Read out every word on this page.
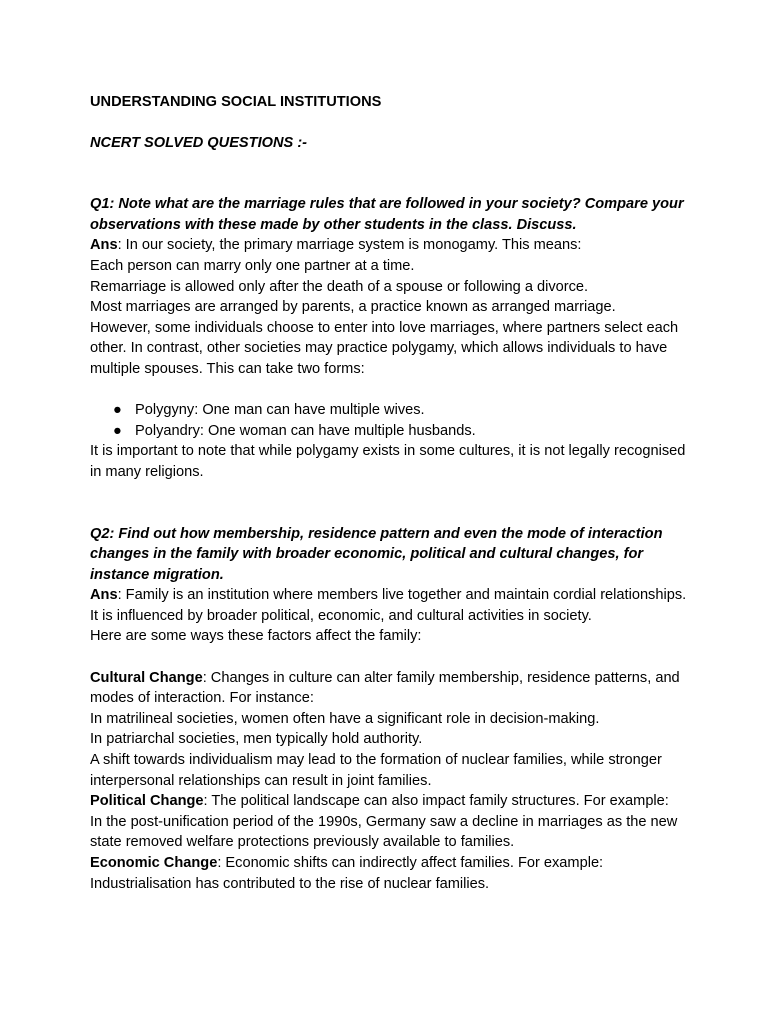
UNDERSTANDING SOCIAL INSTITUTIONS

NCERT SOLVED QUESTIONS :-

Q1: Note what are the marriage rules that are followed in your society? Compare your observations with these made by other students in the class. Discuss.

Ans: In our society, the primary marriage system is monogamy. This means:

Each person can marry only one partner at a time.

Remarriage is allowed only after the death of a spouse or following a divorce.

Most marriages are arranged by parents, a practice known as arranged marriage.

However, some individuals choose to enter into love marriages, where partners select each other. In contrast, other societies may practice polygamy, which allows individuals to have multiple spouses. This can take two forms:

● Polygyny: One man can have multiple wives.
● Polyandry: One woman can have multiple husbands.

It is important to note that while polygamy exists in some cultures, it is not legally recognised in many religions.

Q2: Find out how membership, residence pattern and even the mode of interaction changes in the family with broader economic, political and cultural changes, for instance migration.

Ans: Family is an institution where members live together and maintain cordial relationships. It is influenced by broader political, economic, and cultural activities in society.

Here are some ways these factors affect the family:

Cultural Change: Changes in culture can alter family membership, residence patterns, and modes of interaction. For instance:

In matrilineal societies, women often have a significant role in decision-making.

In patriarchal societies, men typically hold authority.

A shift towards individualism may lead to the formation of nuclear families, while stronger interpersonal relationships can result in joint families.

Political Change: The political landscape can also impact family structures. For example:

In the post-unification period of the 1990s, Germany saw a decline in marriages as the new state removed welfare protections previously available to families.

Economic Change: Economic shifts can indirectly affect families. For example:

Industrialisation has contributed to the rise of nuclear families.
